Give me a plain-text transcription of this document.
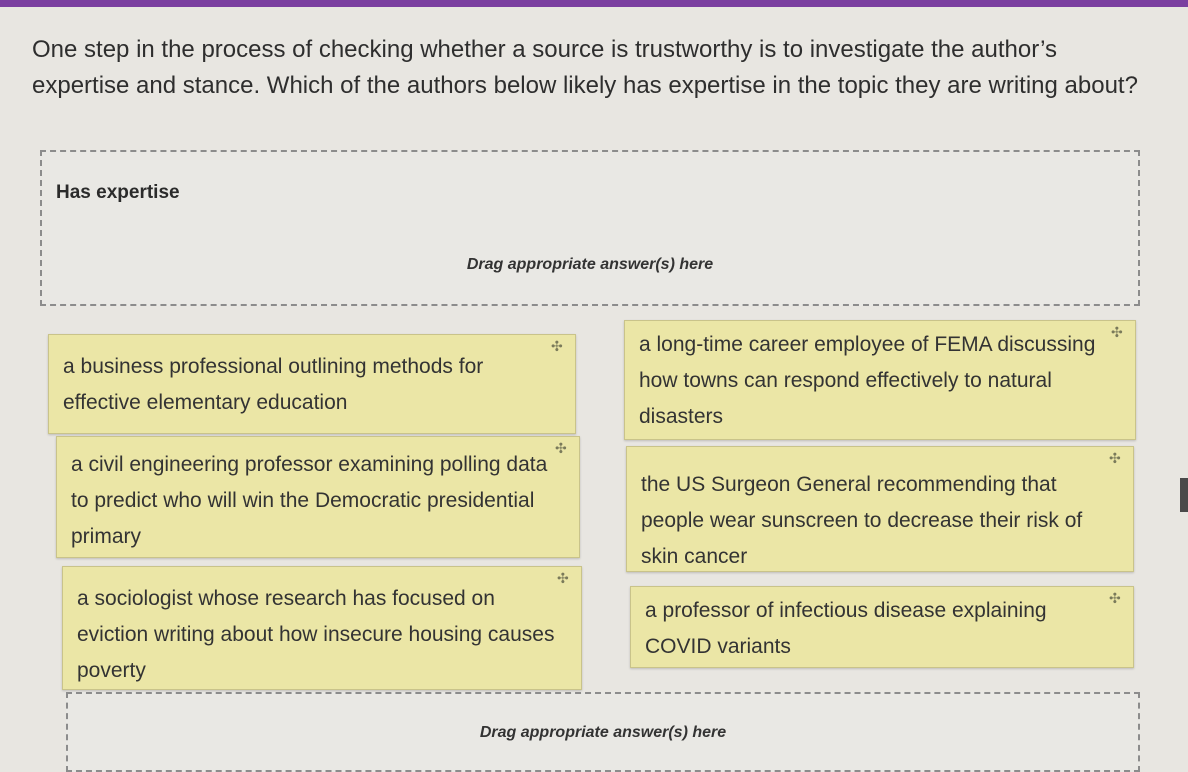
One step in the process of checking whether a source is trustworthy is to investigate the author’s expertise and stance. Which of the authors below likely has expertise in the topic they are writing about?
Has expertise
Drag appropriate answer(s) here
a business professional outlining methods for effective elementary education
✣	a long-time career employee of FEMA discussing how towns can respond effectively to natural disasters
✣
a civil engineering professor examining polling data to predict who will win the Democratic presidential primary
✣
the US Surgeon General recommending that people wear sunscreen to decrease their risk of skin cancer
✣
a sociologist whose research has focused on eviction writing about how insecure housing causes poverty
✣
a professor of infectious disease explaining COVID variants
✣
Drag appropriate answer(s) here
